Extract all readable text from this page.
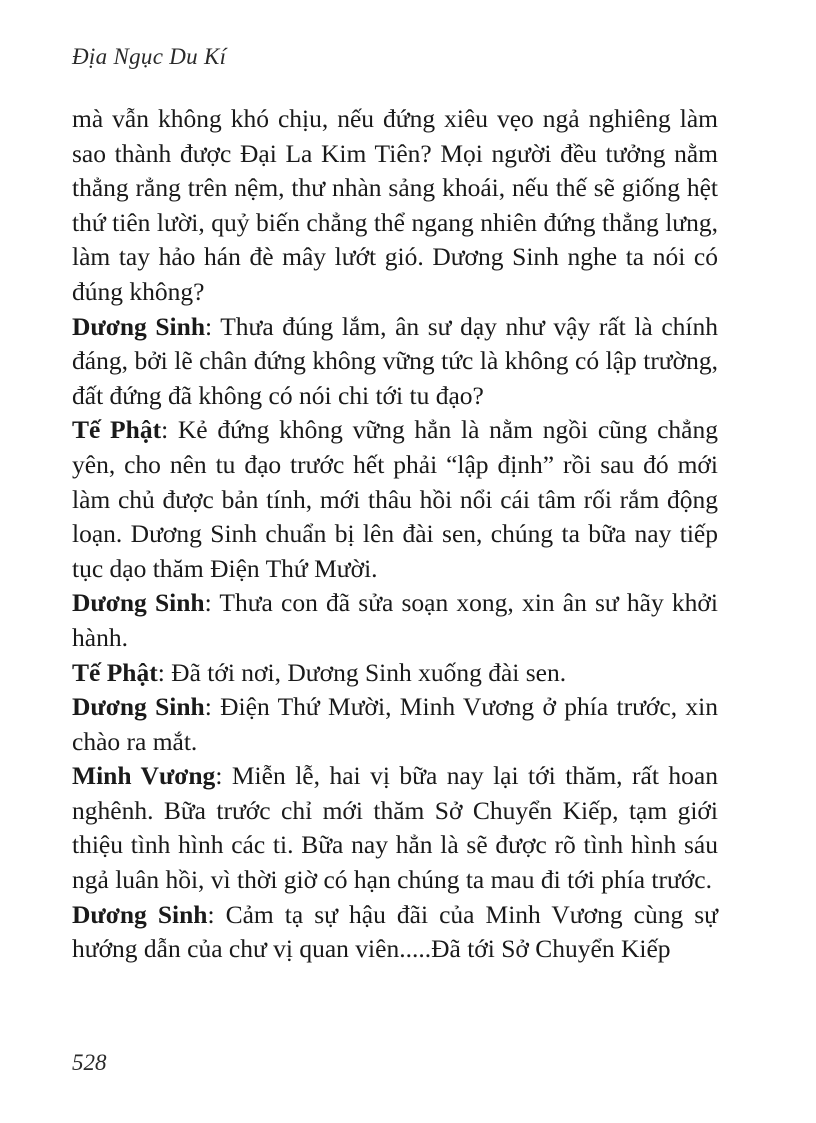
Địa Ngục Du Kí

mà vẫn không khó chịu, nếu đứng xiêu vẹo ngả nghiêng làm sao thành được Đại La Kim Tiên? Mọi người đều tưởng nằm thẳng rẳng trên nệm, thư nhàn sảng khoái, nếu thế sẽ giống hệt thứ tiên lười, quỷ biến chẳng thể ngang nhiên đứng thẳng lưng, làm tay hảo hán đè mây lướt gió. Dương Sinh nghe ta nói có đúng không?

Dương Sinh: Thưa đúng lắm, ân sư dạy như vậy rất là chính đáng, bởi lẽ chân đứng không vững tức là không có lập trường, đất đứng đã không có nói chi tới tu đạo?

Tế Phật: Kẻ đứng không vững hẳn là nằm ngồi cũng chẳng yên, cho nên tu đạo trước hết phải “lập định” rồi sau đó mới làm chủ được bản tính, mới thâu hồi nổi cái tâm rối rắm động loạn. Dương Sinh chuẩn bị lên đài sen, chúng ta bữa nay tiếp tục dạo thăm Điện Thứ Mười.

Dương Sinh: Thưa con đã sửa soạn xong, xin ân sư hãy khởi hành.

Tế Phật: Đã tới nơi, Dương Sinh xuống đài sen.

Dương Sinh: Điện Thứ Mười, Minh Vương ở phía trước, xin chào ra mắt.

Minh Vương: Miễn lễ, hai vị bữa nay lại tới thăm, rất hoan nghênh. Bữa trước chỉ mới thăm Sở Chuyển Kiếp, tạm giới thiệu tình hình các ti. Bữa nay hẳn là sẽ được rõ tình hình sáu ngả luân hồi, vì thời giờ có hạn chúng ta mau đi tới phía trước.

Dương Sinh: Cảm tạ sự hậu đãi của Minh Vương cùng sự hướng dẫn của chư vị quan viên.....Đã tới Sở Chuyển Kiếp

528
